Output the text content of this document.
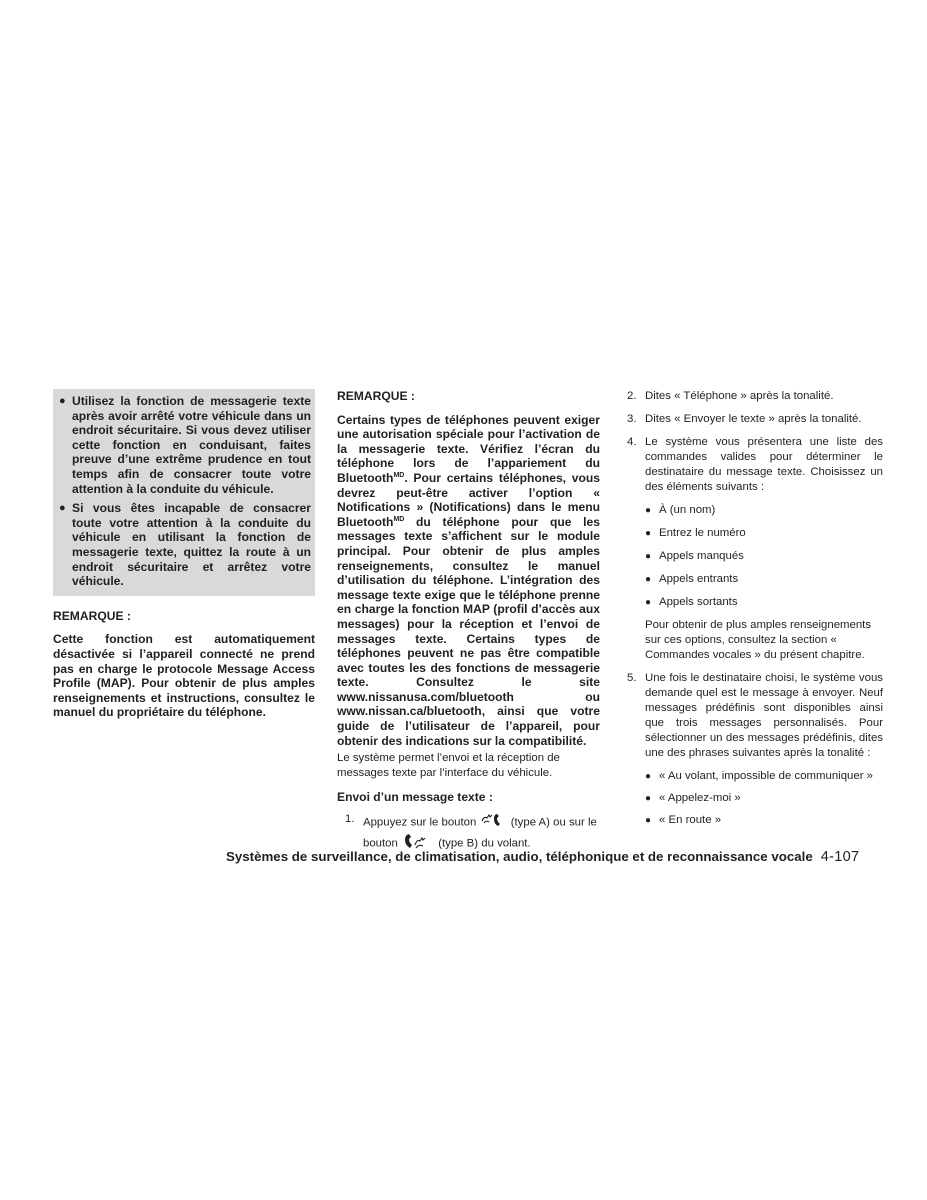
● Utilisez la fonction de messagerie texte après avoir arrêté votre véhicule dans un endroit sécuritaire. Si vous devez utiliser cette fonction en conduisant, faites preuve d’une extrême prudence en tout temps afin de consacrer toute votre attention à la conduite du véhicule.
● Si vous êtes incapable de consacrer toute votre attention à la conduite du véhicule en utilisant la fonction de messagerie texte, quittez la route à un endroit sécuritaire et arrêtez votre véhicule.
REMARQUE :

Cette fonction est automatiquement désactivée si l’appareil connecté ne prend pas en charge le protocole Message Access Profile (MAP). Pour obtenir de plus amples renseignements et instructions, consultez le manuel du propriétaire du téléphone.

REMARQUE :

Certains types de téléphones peuvent exiger une autorisation spéciale pour l’activation de la messagerie texte. Vérifiez l’écran du téléphone lors de l’appariement du Bluetooth$^{MD}$. Pour certains téléphones, vous devrez peut-être activer l’option « Notifications » (Notifications) dans le menu Bluetooth$^{MD}$ du téléphone pour que les messages texte s’affichent sur le module principal. Pour obtenir de plus amples renseignements, consultez le manuel d’utilisation du téléphone. L’intégration des message texte exige que le téléphone prenne en charge la fonction MAP (profil d’accès aux messages) pour la réception et l’envoi de messages texte. Certains types de téléphones peuvent ne pas être compatible avec toutes les des fonctions de messagerie texte. Consultez le site www.nissanusa.com/bluetooth ou www.nissan.ca/bluetooth, ainsi que votre guide de l’utilisateur de l’appareil, pour obtenir des indications sur la compatibilité.

Le système permet l’envoi et la réception de messages texte par l’interface du véhicule.

Envoi d’un message texte :
1. Appuyez sur le bouton	(type A) ou sur le bouton	(type B) du volant.
2. Dites « Téléphone » après la tonalité.
3. Dites « Envoyer le texte » après la tonalité.
4. Le système vous présentera une liste des commandes valides pour déterminer le destinataire du message texte. Choisissez un des éléments suivants :
● À (un nom)
● Entrez le numéro
● Appels manqués
● Appels entrants
● Appels sortants

Pour obtenir de plus amples renseignements sur ces options, consultez la section « Commandes vocales » du présent chapitre.

5. Une fois le destinataire choisi, le système vous demande quel est le message à envoyer. Neuf messages prédéfinis sont disponibles ainsi que trois messages personnalisés. Pour sélectionner un des messages prédéfinis, dites une des phrases suivantes après la tonalité :
● « Au volant, impossible de communiquer »
● « Appelez-moi »
● « En route »
Systèmes de surveillance, de climatisation, audio, téléphonique et de reconnaissance vocale 4-107
